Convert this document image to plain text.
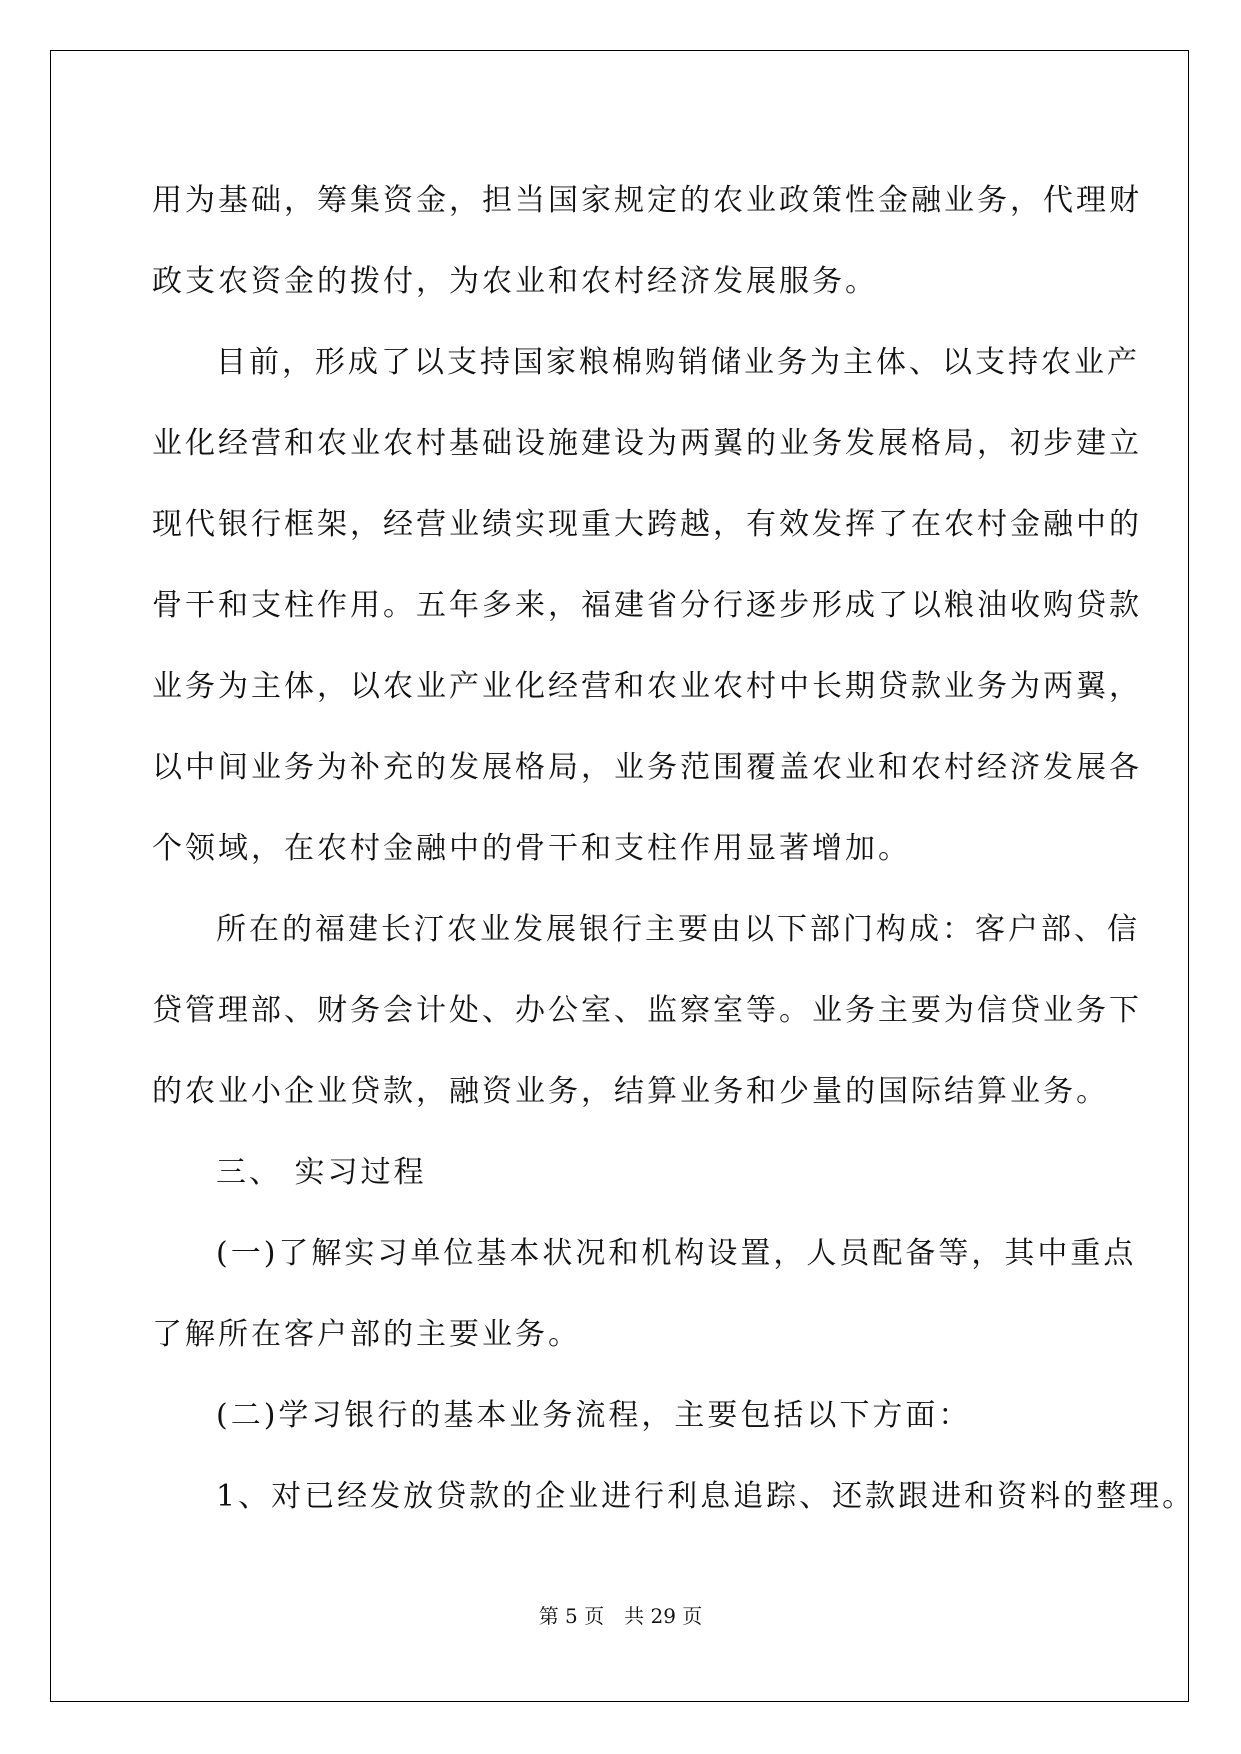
用为基础，筹集资金，担当国家规定的农业政策性金融业务，代理财
政支农资金的拨付，为农业和农村经济发展服务。
目前，形成了以支持国家粮棉购销储业务为主体、以支持农业产
业化经营和农业农村基础设施建设为两翼的业务发展格局，初步建立
现代银行框架，经营业绩实现重大跨越，有效发挥了在农村金融中的
骨干和支柱作用。五年多来，福建省分行逐步形成了以粮油收购贷款
业务为主体，以农业产业化经营和农业农村中长期贷款业务为两翼，
以中间业务为补充的发展格局，业务范围覆盖农业和农村经济发展各
个领域，在农村金融中的骨干和支柱作用显著增加。
所在的福建长汀农业发展银行主要由以下部门构成：客户部、信
贷管理部、财务会计处、办公室、监察室等。业务主要为信贷业务下
的农业小企业贷款，融资业务，结算业务和少量的国际结算业务。
三、 实习过程
(一)了解实习单位基本状况和机构设置，人员配备等，其中重点
了解所在客户部的主要业务。
(二)学习银行的基本业务流程，主要包括以下方面：
1、对已经发放贷款的企业进行利息追踪、还款跟进和资料的整理。
第 5 页　共 29 页
